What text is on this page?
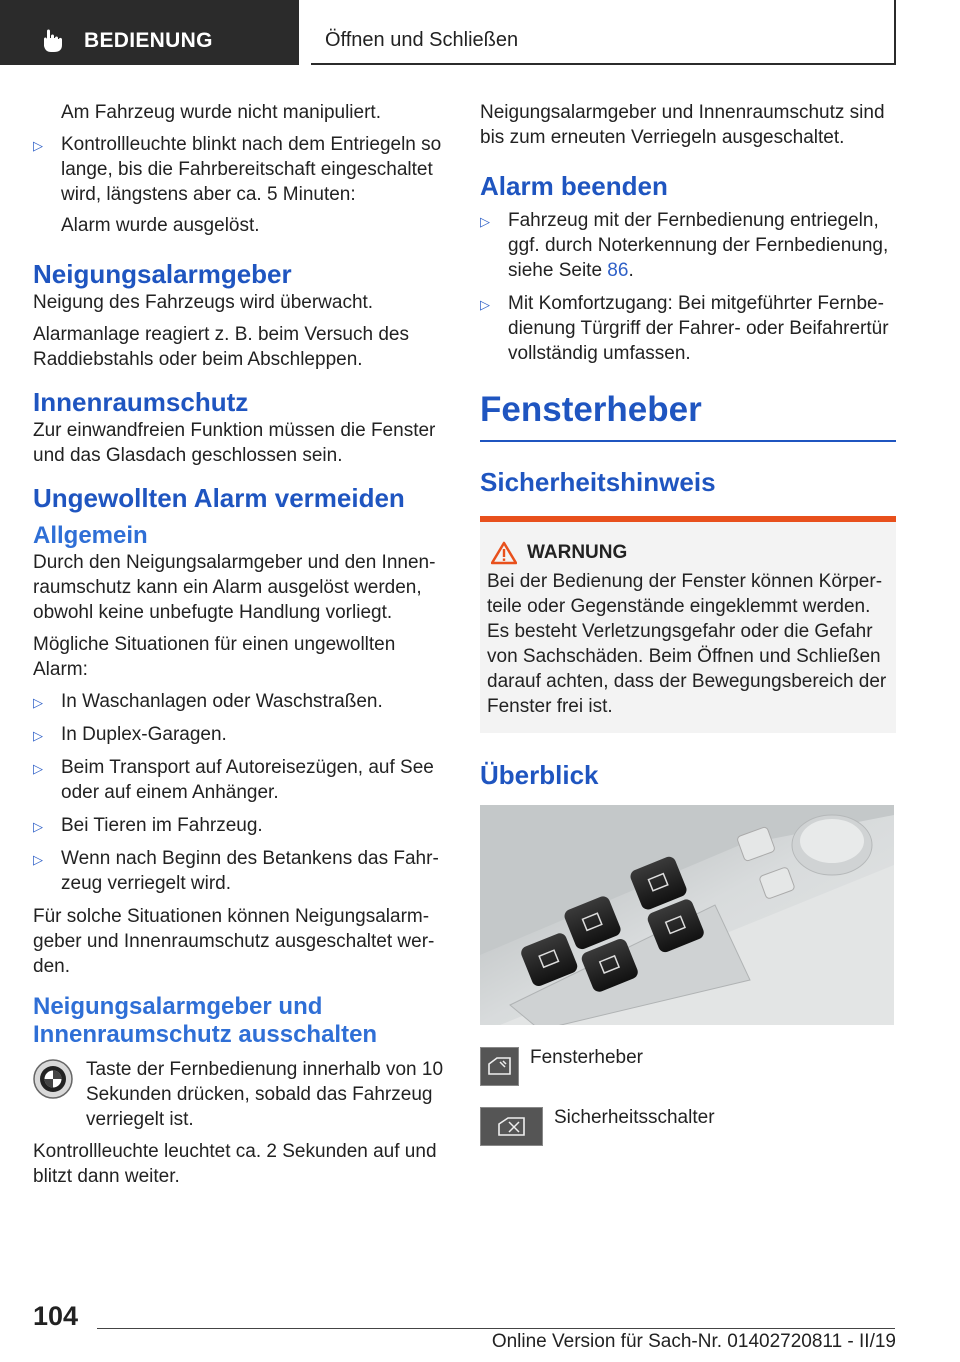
BEDIENUNG	Öffnen und Schließen

Am Fahrzeug wurde nicht manipuliert.

▷ Kontrollleuchte blinkt nach dem Entriegeln so lange, bis die Fahrbereitschaft eingeschaltet wird, längstens aber ca. 5 Minuten:

Alarm wurde ausgelöst.

Neigungsalarmgeber

Neigung des Fahrzeugs wird überwacht.

Alarmanlage reagiert z. B. beim Versuch des Raddiebstahls oder beim Abschleppen.

Innenraumschutz

Zur einwandfreien Funktion müssen die Fenster und das Glasdach geschlossen sein.

Ungewollten Alarm vermeiden
Allgemein

Durch den Neigungsalarmgeber und den Innenraumschutz kann ein Alarm ausgelöst werden, obwohl keine unbefugte Handlung vorliegt.

Mögliche Situationen für einen ungewollten Alarm:

▷ In Waschanlagen oder Waschstraßen.
▷ In Duplex-Garagen.
▷ Beim Transport auf Autoreisezügen, auf See oder auf einem Anhänger.
▷ Bei Tieren im Fahrzeug.
▷ Wenn nach Beginn des Betankens das Fahrzeug verriegelt wird.

Für solche Situationen können Neigungsalarmgeber und Innenraumschutz ausgeschaltet werden.

Neigungsalarmgeber und Innenraumschutz ausschalten

Taste der Fernbedienung innerhalb von 10 Sekunden drücken, sobald das Fahrzeug verriegelt ist.

Kontrollleuchte leuchtet ca. 2 Sekunden auf und blitzt dann weiter.

Neigungsalarmgeber und Innenraumschutz sind bis zum erneuten Verriegeln ausgeschaltet.

Alarm beenden
▷ Fahrzeug mit der Fernbedienung entriegeln, ggf. durch Noterkennung der Fernbedienung, siehe Seite 86.
▷ Mit Komfortzugang: Bei mitgeführter Fernbedienung Türgriff der Fahrer- oder Beifahrertür vollständig umfassen.
Fensterheber
Sicherheitshinweis
WARNUNG

Bei der Bedienung der Fenster können Körperteile oder Gegenstände eingeklemmt werden. Es besteht Verletzungsgefahr oder die Gefahr von Sachschäden. Beim Öffnen und Schließen darauf achten, dass der Bewegungsbereich der Fenster frei ist.

Überblick

Fensterheber

Sicherheitsschalter

104
Online Version für Sach-Nr. 01402720811 - II/19
